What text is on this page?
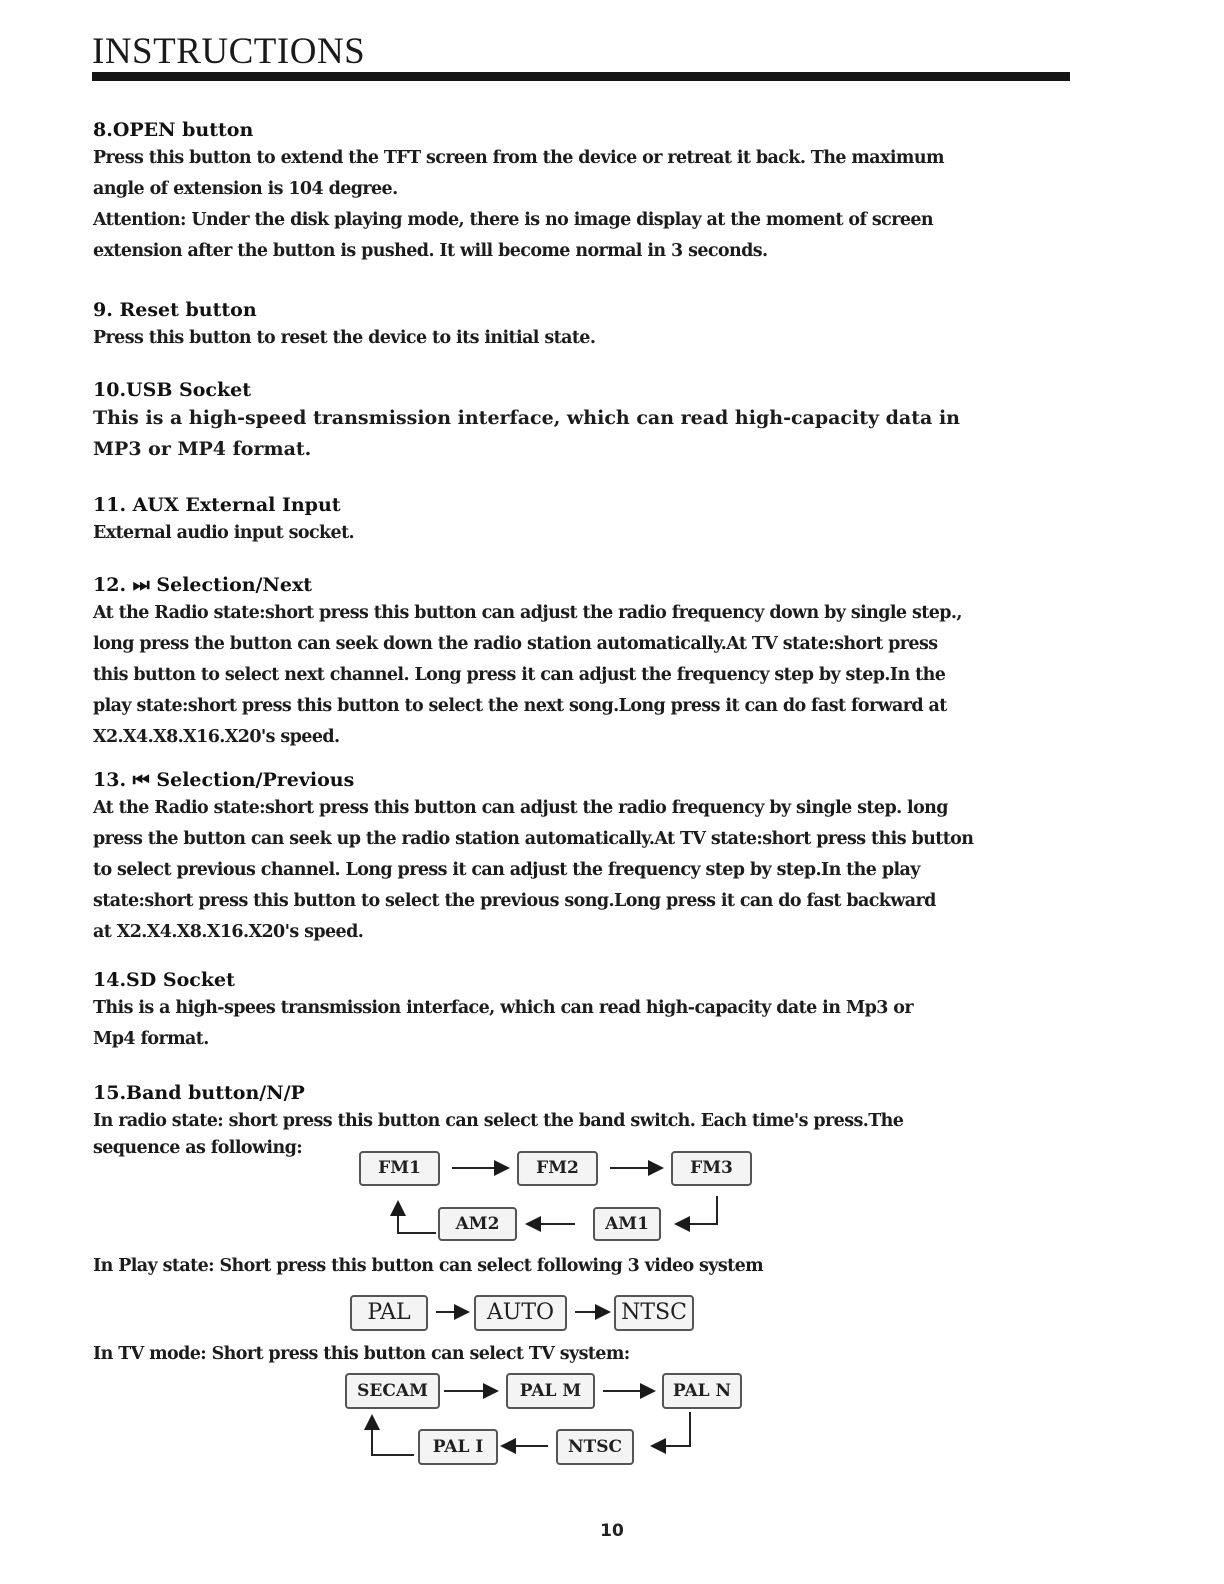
INSTRUCTIONS

8.OPEN button

Press this button to extend the TFT screen from the device or retreat it back. The maximum

angle of extension is 104 degree.

Attention: Under the disk playing mode, there is no image display at the moment of screen

extension after the button is pushed. It will become normal in 3 seconds.

9. Reset button

Press this button to reset the device to its initial state.

10.USB Socket

This is a high-speed transmission interface, which can read high-capacity data in

MP3 or MP4 format.

11. AUX External Input

External audio input socket.

12. ⏭ Selection/Next

At the Radio state:short press this button can adjust the radio frequency down by single step.,

long press the button can seek down the radio station automatically.At TV state:short press

this button to select next channel. Long press it can adjust the frequency step by step.In the

play state:short press this button to select the next song.Long press it can do fast forward at

X2.X4.X8.X16.X20's speed.

13. ⏮ Selection/Previous

At the Radio state:short press this button can adjust the radio frequency by single step. long

press the button can seek up the radio station automatically.At TV state:short press this button

to select previous channel. Long press it can adjust the frequency step by step.In the play

state:short press this button to select the previous song.Long press it can do fast backward

at X2.X4.X8.X16.X20's speed.

14.SD Socket

This is a high-spees transmission interface, which can read high-capacity date in Mp3 or

Mp4 format.

15.Band button/N/P

In radio state: short press this button can select the band switch. Each time's press.The

sequence as following:

FM1	FM2	FM3
AM1
AM2

In Play state: Short press this button can select following 3 video system

PAL	AUTO	NTSC

In TV mode: Short press this button can select TV system:

SECAM	PAL M	PAL N
NTSC
PAL I
10
